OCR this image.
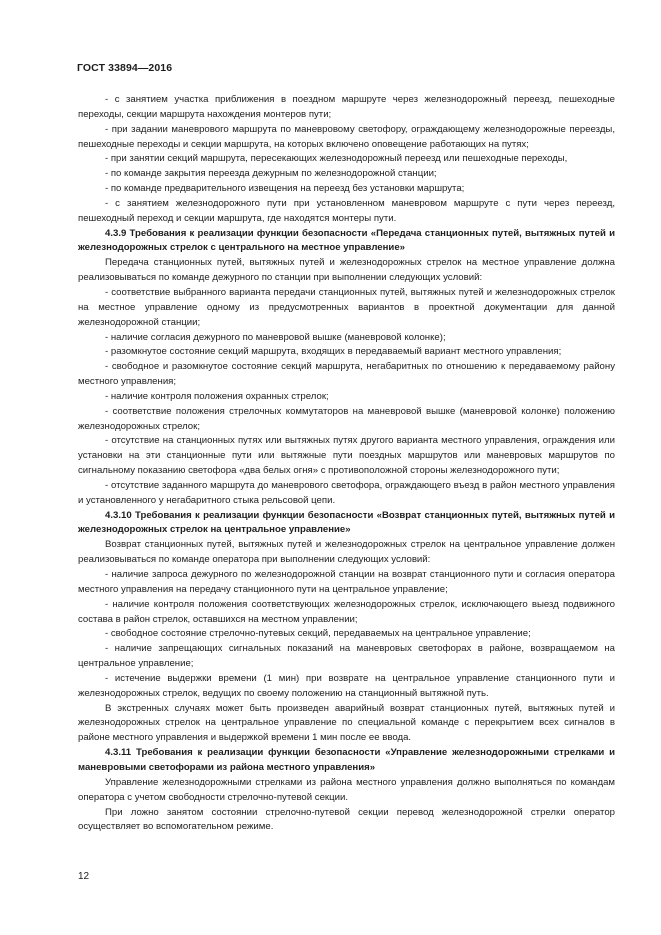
ГОСТ 33894—2016

- с занятием участка приближения в поездном маршруте через железнодорожный переезд, пешеходные переходы, секции маршрута нахождения монтеров пути;

- при задании маневрового маршрута по маневровому светофору, ограждающему железнодорожные переезды, пешеходные переходы и секции маршрута, на которых включено оповещение работающих на путях;

- при занятии секций маршрута, пересекающих железнодорожный переезд или пешеходные переходы,

- по команде закрытия переезда дежурным по железнодорожной станции;

- по команде предварительного извещения на переезд без установки маршрута;

- с занятием железнодорожного пути при установленном маневровом маршруте с пути через переезд, пешеходный переход и секции маршрута, где находятся монтеры пути.

4.3.9 Требования к реализации функции безопасности «Передача станционных путей, вытяжных путей и железнодорожных стрелок с центрального на местное управление»

Передача станционных путей, вытяжных путей и железнодорожных стрелок на местное управление должна реализовываться по команде дежурного по станции при выполнении следующих условий:

- соответствие выбранного варианта передачи станционных путей, вытяжных путей и железнодорожных стрелок на местное управление одному из предусмотренных вариантов в проектной документации для данной железнодорожной станции;

- наличие согласия дежурного по маневровой вышке (маневровой колонке);

- разомкнутое состояние секций маршрута, входящих в передаваемый вариант местного управления;

- свободное и разомкнутое состояние секций маршрута, негабаритных по отношению к передаваемому району местного управления;

- наличие контроля положения охранных стрелок;

- соответствие положения стрелочных коммутаторов на маневровой вышке (маневровой колонке) положению железнодорожных стрелок;

- отсутствие на станционных путях или вытяжных путях другого варианта местного управления, ограждения или установки на эти станционные пути или вытяжные пути поездных маршрутов или маневровых маршрутов по сигнальному показанию светофора «два белых огня» с противоположной стороны железнодорожного пути;

- отсутствие заданного маршрута до маневрового светофора, ограждающего въезд в район местного управления и установленного у негабаритного стыка рельсовой цепи.

4.3.10 Требования к реализации функции безопасности «Возврат станционных путей, вытяжных путей и железнодорожных стрелок на центральное управление»

Возврат станционных путей, вытяжных путей и железнодорожных стрелок на центральное управление должен реализовываться по команде оператора при выполнении следующих условий:

- наличие запроса дежурного по железнодорожной станции на возврат станционного пути и согласия оператора местного управления на передачу станционного пути на центральное управление;

- наличие контроля положения соответствующих железнодорожных стрелок, исключающего выезд подвижного состава в район стрелок, оставшихся на местном управлении;

- свободное состояние стрелочно-путевых секций, передаваемых на центральное управление;

- наличие запрещающих сигнальных показаний на маневровых светофорах в районе, возвращаемом на центральное управление;

- истечение выдержки времени (1 мин) при возврате на центральное управление станционного пути и железнодорожных стрелок, ведущих по своему положению на станционный вытяжной путь.

В экстренных случаях может быть произведен аварийный возврат станционных путей, вытяжных путей и железнодорожных стрелок на центральное управление по специальной команде с перекрытием всех сигналов в районе местного управления и выдержкой времени 1 мин после ее ввода.

4.3.11 Требования к реализации функции безопасности «Управление железнодорожными стрелками и маневровыми светофорами из района местного управления»

Управление железнодорожными стрелками из района местного управления должно выполняться по командам оператора с учетом свободности стрелочно-путевой секции.

При ложно занятом состоянии стрелочно-путевой секции перевод железнодорожной стрелки оператор осуществляет во вспомогательном режиме.

12
